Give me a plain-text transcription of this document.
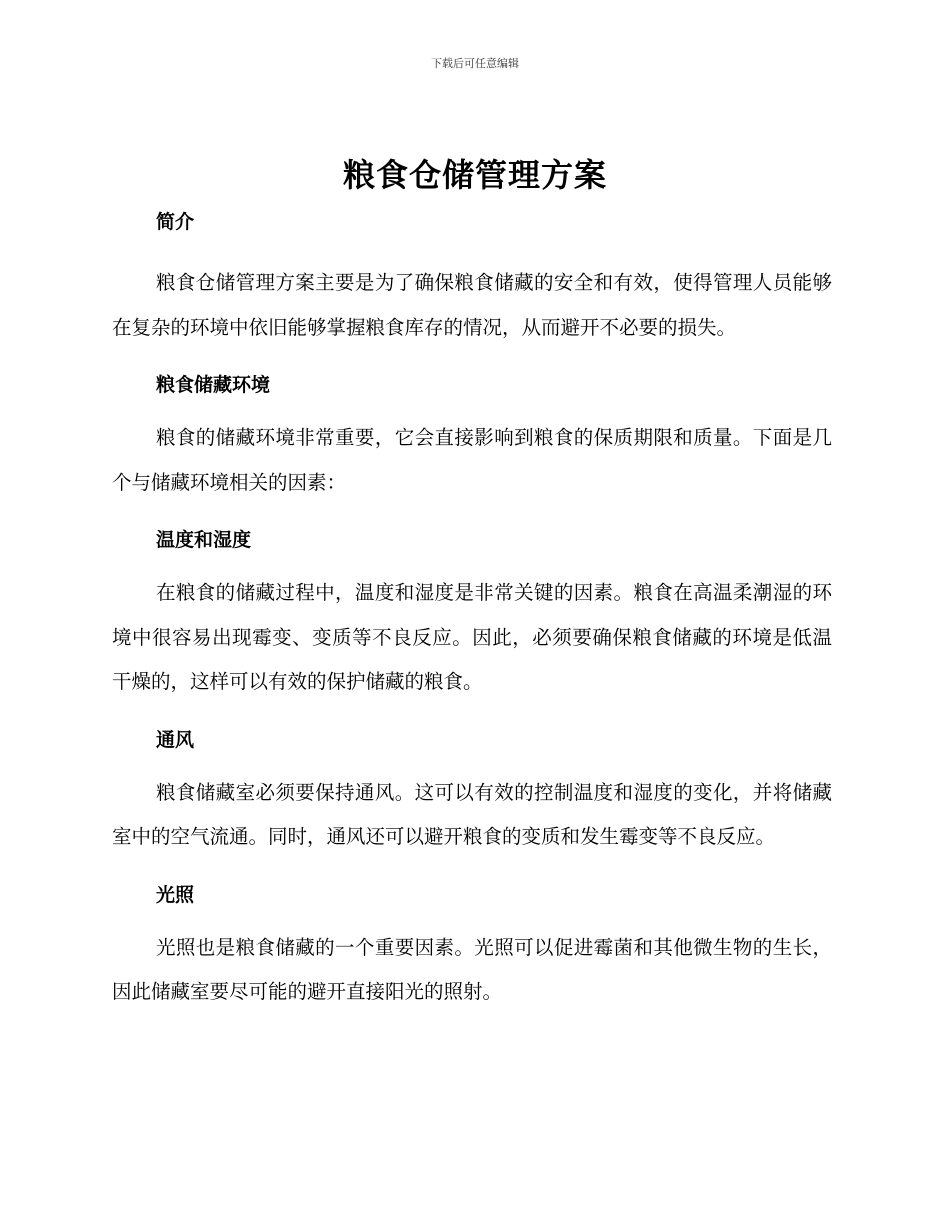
下载后可任意编辑
粮食仓储管理方案
简介

粮食仓储管理方案主要是为了确保粮食储藏的安全和有效，使得管理人员能够在复杂的环境中依旧能够掌握粮食库存的情况，从而避开不必要的损失。

粮食储藏环境

粮食的储藏环境非常重要，它会直接影响到粮食的保质期限和质量。下面是几个与储藏环境相关的因素：

温度和湿度

在粮食的储藏过程中，温度和湿度是非常关键的因素。粮食在高温柔潮湿的环境中很容易出现霉变、变质等不良反应。因此，必须要确保粮食储藏的环境是低温干燥的，这样可以有效的保护储藏的粮食。

通风

粮食储藏室必须要保持通风。这可以有效的控制温度和湿度的变化，并将储藏室中的空气流通。同时，通风还可以避开粮食的变质和发生霉变等不良反应。

光照

光照也是粮食储藏的一个重要因素。光照可以促进霉菌和其他微生物的生长，因此储藏室要尽可能的避开直接阳光的照射。
